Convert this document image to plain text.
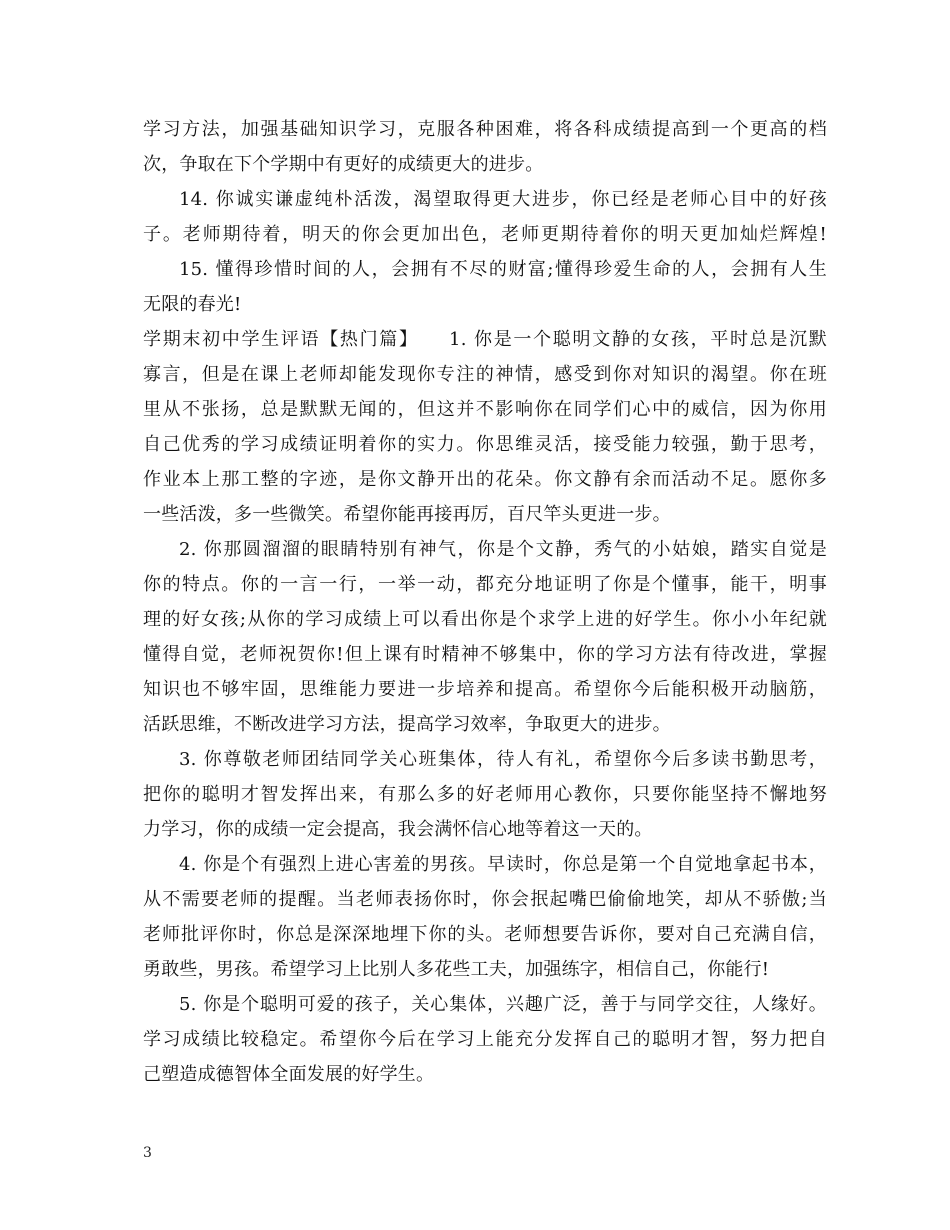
学习方法，加强基础知识学习，克服各种困难，将各科成绩提高到一个更高的档
次，争取在下个学期中有更好的成绩更大的进步。
14. 你诚实谦虚纯朴活泼，渴望取得更大进步，你已经是老师心目中的好孩
子。老师期待着，明天的你会更加出色，老师更期待着你的明天更加灿烂辉煌!
15. 懂得珍惜时间的人，会拥有不尽的财富;懂得珍爱生命的人，会拥有人生
无限的春光!
学期末初中学生评语【热门篇】　　1. 你是一个聪明文静的女孩，平时总是沉默
寡言，但是在课上老师却能发现你专注的神情，感受到你对知识的渴望。你在班
里从不张扬，总是默默无闻的，但这并不影响你在同学们心中的威信，因为你用
自己优秀的学习成绩证明着你的实力。你思维灵活，接受能力较强，勤于思考，
作业本上那工整的字迹，是你文静开出的花朵。你文静有余而活动不足。愿你多
一些活泼，多一些微笑。希望你能再接再厉，百尺竿头更进一步。
2. 你那圆溜溜的眼睛特别有神气，你是个文静，秀气的小姑娘，踏实自觉是
你的特点。你的一言一行，一举一动，都充分地证明了你是个懂事，能干，明事
理的好女孩;从你的学习成绩上可以看出你是个求学上进的好学生。你小小年纪就
懂得自觉，老师祝贺你!但上课有时精神不够集中，你的学习方法有待改进，掌握
知识也不够牢固，思维能力要进一步培养和提高。希望你今后能积极开动脑筋，
活跃思维，不断改进学习方法，提高学习效率，争取更大的进步。
3. 你尊敬老师团结同学关心班集体，待人有礼，希望你今后多读书勤思考，
把你的聪明才智发挥出来，有那么多的好老师用心教你，只要你能坚持不懈地努
力学习，你的成绩一定会提高，我会满怀信心地等着这一天的。
4. 你是个有强烈上进心害羞的男孩。早读时，你总是第一个自觉地拿起书本，
从不需要老师的提醒。当老师表扬你时，你会抿起嘴巴偷偷地笑，却从不骄傲;当
老师批评你时，你总是深深地埋下你的头。老师想要告诉你，要对自己充满自信，
勇敢些，男孩。希望学习上比别人多花些工夫，加强练字，相信自己，你能行!
5. 你是个聪明可爱的孩子，关心集体，兴趣广泛，善于与同学交往，人缘好。
学习成绩比较稳定。希望你今后在学习上能充分发挥自己的聪明才智，努力把自
己塑造成德智体全面发展的好学生。
3
